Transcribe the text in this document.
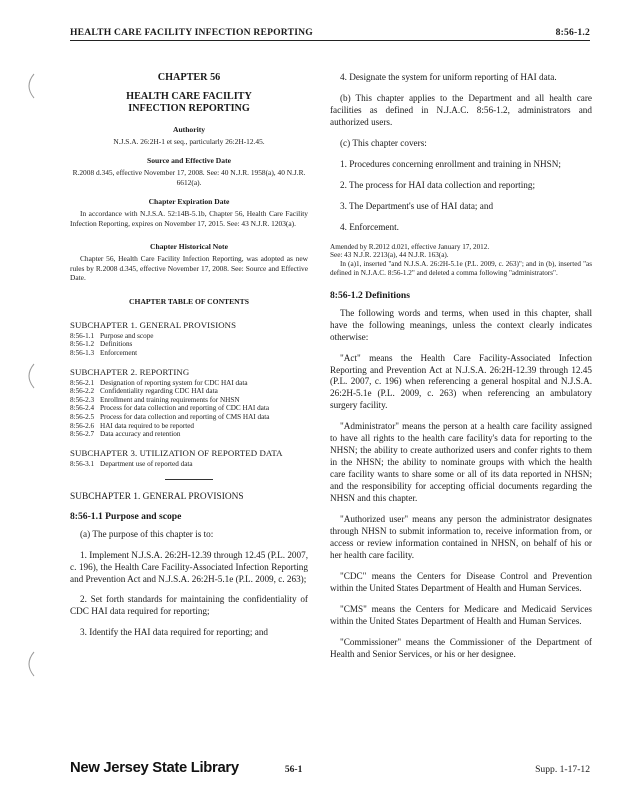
HEALTH CARE FACILITY INFECTION REPORTING	8:56-1.2
CHAPTER 56
HEALTH CARE FACILITY INFECTION REPORTING
Authority
N.J.S.A. 26:2H-1 et seq., particularly 26:2H-12.45.
Source and Effective Date
R.2008 d.345, effective November 17, 2008. See: 40 N.J.R. 1958(a), 40 N.J.R. 6612(a).
Chapter Expiration Date
In accordance with N.J.S.A. 52:14B-5.1b, Chapter 56, Health Care Facility Infection Reporting, expires on November 17, 2015. See: 43 N.J.R. 1203(a).
Chapter Historical Note
Chapter 56, Health Care Facility Infection Reporting, was adopted as new rules by R.2008 d.345, effective November 17, 2008. See: Source and Effective Date.
CHAPTER TABLE OF CONTENTS
SUBCHAPTER 1. GENERAL PROVISIONS
8:56-1.1 Purpose and scope
8:56-1.2 Definitions
8:56-1.3 Enforcement
SUBCHAPTER 2. REPORTING
8:56-2.1 Designation of reporting system for CDC HAI data
8:56-2.2 Confidentiality regarding CDC HAI data
8:56-2.3 Enrollment and training requirements for NHSN
8:56-2.4 Process for data collection and reporting of CDC HAI data
8:56-2.5 Process for data collection and reporting of CMS HAI data
8:56-2.6 HAI data required to be reported
8:56-2.7 Data accuracy and retention
SUBCHAPTER 3. UTILIZATION OF REPORTED DATA
8:56-3.1 Department use of reported data
SUBCHAPTER 1. GENERAL PROVISIONS
8:56-1.1 Purpose and scope
(a) The purpose of this chapter is to:
1. Implement N.J.S.A. 26:2H-12.39 through 12.45 (P.L. 2007, c. 196), the Health Care Facility-Associated Infection Reporting and Prevention Act and N.J.S.A. 26:2H-5.1e (P.L. 2009, c. 263);
2. Set forth standards for maintaining the confidentiality of CDC HAI data required for reporting;
3. Identify the HAI data required for reporting; and
4. Designate the system for uniform reporting of HAI data.
(b) This chapter applies to the Department and all health care facilities as defined in N.J.A.C. 8:56-1.2, administrators and authorized users.
(c) This chapter covers:
1. Procedures concerning enrollment and training in NHSN;
2. The process for HAI data collection and reporting;
3. The Department's use of HAI data; and
4. Enforcement.
Amended by R.2012 d.021, effective January 17, 2012.
See: 43 N.J.R. 2213(a), 44 N.J.R. 163(a).
In (a)1, inserted "and N.J.S.A. 26:2H-5.1e (P.L. 2009, c. 263)"; and in (b), inserted "as defined in N.J.A.C. 8:56-1.2" and deleted a comma following "administrators".
8:56-1.2 Definitions
The following words and terms, when used in this chapter, shall have the following meanings, unless the context clearly indicates otherwise:
"Act" means the Health Care Facility-Associated Infection Reporting and Prevention Act at N.J.S.A. 26:2H-12.39 through 12.45 (P.L. 2007, c. 196) when referencing a general hospital and N.J.S.A. 26:2H-5.1e (P.L. 2009, c. 263) when referencing an ambulatory surgery facility.
"Administrator" means the person at a health care facility assigned to have all rights to the health care facility's data for reporting to the NHSN; the ability to create authorized users and confer rights to them in the NHSN; the ability to nominate groups with which the health care facility wants to share some or all of its data reported in NHSN; and the responsibility for accepting official documents regarding the NHSN and this chapter.
"Authorized user" means any person the administrator designates through NHSN to submit information to, receive information from, or access or review information contained in NHSN, on behalf of his or her health care facility.
"CDC" means the Centers for Disease Control and Prevention within the United States Department of Health and Human Services.
"CMS" means the Centers for Medicare and Medicaid Services within the United States Department of Health and Human Services.
"Commissioner" means the Commissioner of the Department of Health and Senior Services, or his or her designee.
New Jersey State Library	56-1	Supp. 1-17-12
